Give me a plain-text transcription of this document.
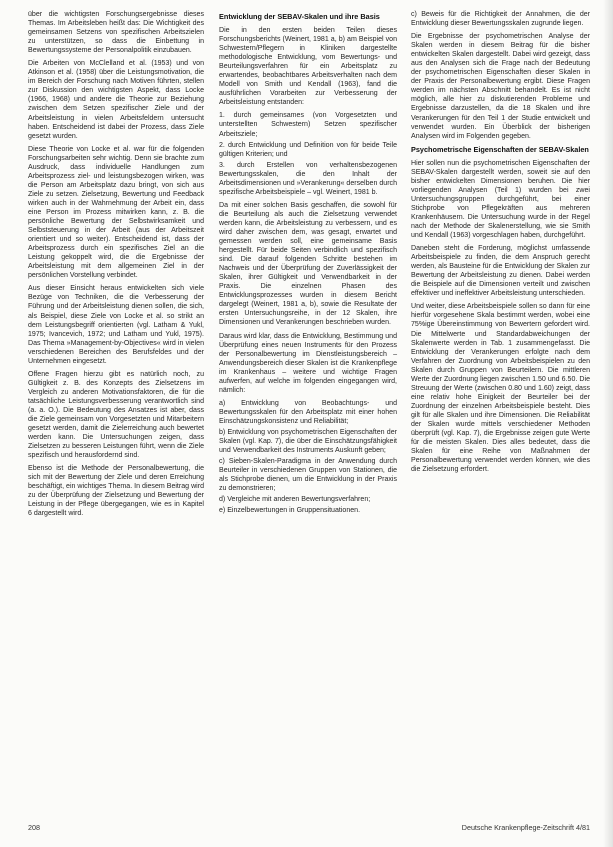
über die wichtigsten Forschungsergebnisse dieses Themas. Im Arbeitsleben heißt das: Die Wichtigkeit des gemeinsamen Setzens von spezifischen Arbeitszielen zu unterstützen, so dass die Einbettung in Bewertungssysteme der Personalpolitik einzubauen.

Die Arbeiten von McClelland et al. (1953) und von Atkinson et al. (1958) über die Leistungsmotivation, die im Bereich der Forschung nach Motiven führten, stellen zur Diskussion den wichtigsten Aspekt, dass Locke (1966, 1968) und andere die Theorie zur Beziehung zwischen dem Setzen spezifischer Ziele und der Arbeitsleistung in vielen Arbeitsfeldern untersucht haben. Entscheidend ist dabei der Prozess, dass Ziele gesetzt wurden.

Diese Theorie von Locke et al. war für die folgenden Forschungsarbeiten sehr wichtig. Denn sie brachte zum Ausdruck, dass individuelle Handlungen zum Arbeitsprozess ziel- und leistungsbezogen wirken, was die Person am Arbeitsplatz dazu bringt, von sich aus Ziele zu setzen. Zielsetzung, Bewertung und Feedback wirken auch in der Wahrnehmung der Arbeit ein, dass eine Person im Prozess mitwirken kann, z. B. die persönliche Bewertung der Selbstwirksamkeit und Selbststeuerung in der Arbeit (aus der Arbeitszeit orientiert und so weiter). Entscheidend ist, dass der Arbeitsprozess durch ein spezifisches Ziel an die Leistung gekoppelt wird, die die Ergebnisse der Arbeitsleistung mit dem allgemeinen Ziel in der persönlichen Vorstellung verbindet.

Aus dieser Einsicht heraus entwickelten sich viele Bezüge von Techniken, die die Verbesserung der Führung und der Arbeitsleistung dienen sollen, die sich, als Beispiel, diese Ziele von Locke et al. so strikt an dem Leistungsbegriff orientierten (vgl. Latham & Yukl, 1975; Ivancevich, 1972; und Latham und Yukl, 1975). Das Thema »Management-by-Objectives« wird in vielen verschiedenen Bereichen des Berufsfeldes und der Unternehmen eingesetzt.

Offene Fragen hierzu gibt es natürlich noch, zu Gültigkeit z. B. des Konzepts des Zielsetzens im Vergleich zu anderen Motivationsfaktoren, die für die tatsächliche Leistungsverbesserung verantwortlich sind (a. a. O.). Die Bedeutung des Ansatzes ist aber, dass die Ziele gemeinsam von Vorgesetzten und Mitarbeitern gesetzt werden, damit die Zielerreichung auch bewertet werden kann. Die Untersuchungen zeigen, dass Zielsetzen zu besseren Leistungen führt, wenn die Ziele spezifisch und herausfordernd sind.

Ebenso ist die Methode der Personalbewertung, die sich mit der Bewertung der Ziele und deren Erreichung beschäftigt, ein wichtiges Thema. In diesem Beitrag wird zu der Überprüfung der Zielsetzung und Bewertung der Leistung in der Pflege übergegangen, wie es in Kapitel 6 dargestellt wird.

Entwicklung der SEBAV-Skalen und ihre Basis

Die in den ersten beiden Teilen dieses Forschungsberichts (Weinert, 1981 a, b) am Beispiel von Schwestern/Pflegern in Kliniken dargestellte methodologische Entwicklung, vom Bewertungs- und Beurteilungsverfahren für ein Arbeitsplatz zu erwartendes, beobachtbares Arbeitsverhalten nach dem Modell von Smith und Kendall (1963), fand die ausführlichen Vorarbeiten zur Verbesserung der Arbeitsleistung entstanden:

1. durch gemeinsames (von Vorgesetzten und unterstellten Schwestern) Setzen spezifischer Arbeitsziele;
2. durch Entwicklung und Definition von für beide Teile gültigen Kriterien; und
3. durch Erstellen von verhaltensbezogenen Bewertungsskalen, die den Inhalt der Arbeitsdimensionen und »Verankerung« derselben durch spezifische Arbeitsbeispiele – vgl. Weinert, 1981 b.

Da mit einer solchen Basis geschaffen, die sowohl für die Beurteilung als auch die Zielsetzung verwendet werden kann, die Arbeitsleistung zu verbessern, und es wird daher zwischen dem, was gesagt, erwartet und gemessen werden soll, eine gemeinsame Basis hergestellt. Für beide Seiten verbindlich und spezifisch sind. Die darauf folgenden Schritte bestehen im Nachweis und der Überprüfung der Zuverlässigkeit der Skalen, ihrer Gültigkeit und Verwendbarkeit in der Praxis. Die einzelnen Phasen des Entwicklungsprozesses wurden in diesem Bericht dargelegt (Weinert, 1981 a, b), sowie die Resultate der ersten Untersuchungsreihe, in der 12 Skalen, ihre Dimensionen und Verankerungen beschrieben wurden.

Daraus wird klar, dass die Entwicklung, Bestimmung und Überprüfung eines neuen Instruments für den Prozess der Personalbewertung im Dienstleistungsbereich – Anwendungsbereich dieser Skalen ist die Krankenpflege im Krankenhaus – weitere und wichtige Fragen aufwerfen, auf welche im folgenden eingegangen wird, nämlich:

a) Entwicklung von Beobachtungs- und Bewertungsskalen für den Arbeitsplatz mit einer hohen Einschätzungskonsistenz und Reliabilität;
b) Entwicklung von psychometrischen Eigenschaften der Skalen (vgl. Kap. 7), die über die Einschätzungsfähigkeit und Verwendbarkeit des Instruments Auskunft geben;
c) Sieben-Skalen-Paradigma in der Anwendung durch Beurteiler in verschiedenen Gruppen von Stationen, die als Stichprobe dienen, um die Entwicklung in der Praxis zu demonstrieren;
d) Vergleiche mit anderen Bewertungsverfahren;
e) Einzelbewertungen in Gruppensituationen.

c) Beweis für die Richtigkeit der Annahmen, die der Entwicklung dieser Bewertungsskalen zugrunde liegen.

Die Ergebnisse der psychometrischen Analyse der Skalen werden in diesem Beitrag für die bisher entwickelten Skalen dargestellt. Dabei wird gezeigt, dass aus den Analysen sich die Frage nach der Bedeutung der psychometrischen Eigenschaften dieser Skalen in der Praxis der Personalbewertung ergibt. Diese Fragen werden im nächsten Abschnitt behandelt. Es ist nicht möglich, alle hier zu diskutierenden Probleme und Ergebnisse darzustellen, da die 18 Skalen und ihre Verankerungen für den Teil 1 der Studie entwickelt und verwendet wurden. Ein Überblick der bisherigen Analysen wird im Folgenden gegeben.

Psychometrische Eigenschaften der SEBAV-Skalen

Hier sollen nun die psychometrischen Eigenschaften der SEBAV-Skalen dargestellt werden, soweit sie auf den bisher entwickelten Dimensionen beruhen. Die hier vorliegenden Analysen (Teil 1) wurden bei zwei Untersuchungsgruppen durchgeführt, bei einer Stichprobe von Pflegekräften aus mehreren Krankenhäusern. Die Untersuchung wurde in der Regel nach der Methode der Skalenerstellung, wie sie Smith und Kendall (1963) vorgeschlagen haben, durchgeführt.

Daneben steht die Forderung, möglichst umfassende Arbeitsbeispiele zu finden, die dem Anspruch gerecht werden, als Bausteine für die Entwicklung der Skalen zur Bewertung der Arbeitsleistung zu dienen. Dabei werden die Beispiele auf die Dimensionen verteilt und zwischen effektiver und ineffektiver Arbeitsleistung unterschieden.

Und weiter, diese Arbeitsbeispiele sollen so dann für eine hierfür vorgesehene Skala bestimmt werden, wobei eine 75%ige Übereinstimmung von Bewertern gefordert wird. Die Mittelwerte und Standardabweichungen der Skalenwerte werden in Tab. 1 zusammengefasst. Die Entwicklung der Verankerungen erfolgte nach dem Verfahren der Zuordnung von Arbeitsbeispielen zu den Skalen durch Gruppen von Beurteilern. Die mittleren Werte der Zuordnung liegen zwischen 1.50 und 6.50. Die Streuung der Werte (zwischen 0.80 und 1.60) zeigt, dass eine relativ hohe Einigkeit der Beurteiler bei der Zuordnung der einzelnen Arbeitsbeispiele besteht. Dies gilt für alle Skalen und ihre Dimensionen. Die Reliabilität der Skalen wurde mittels verschiedener Methoden überprüft (vgl. Kap. 7), die Ergebnisse zeigen gute Werte für die meisten Skalen. Dies alles bedeutet, dass die Skalen für eine Reihe von Maßnahmen der Personalbewertung verwendet werden können, wie dies die Zielsetzung erfordert.

208	Deutsche Krankenpflege-Zeitschrift 4/81
